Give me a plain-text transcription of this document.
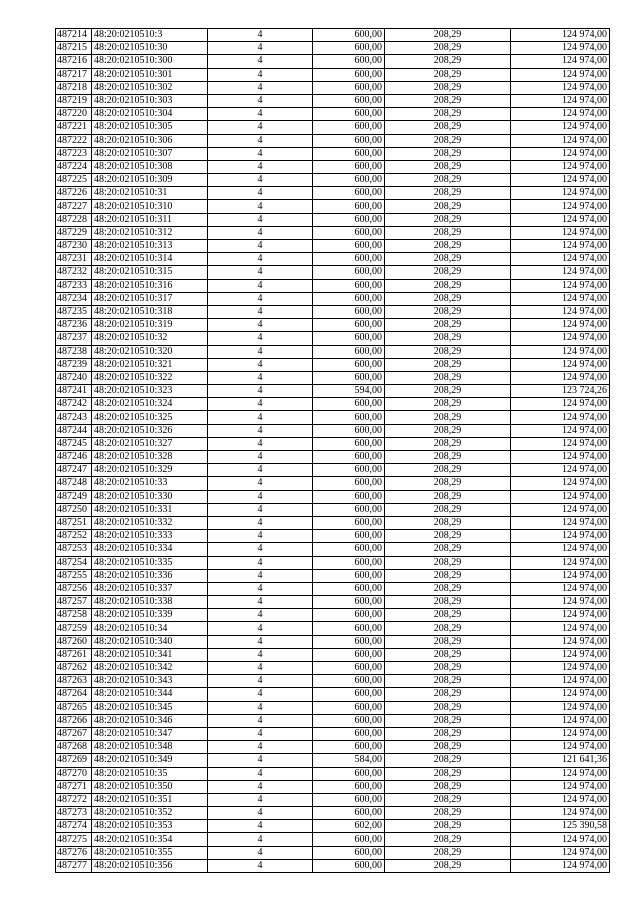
487214	48:20:0210510:3	4	600,00	208,29	124 974,00
487215	48:20:0210510:30	4	600,00	208,29	124 974,00
487216	48:20:0210510:300	4	600,00	208,29	124 974,00
487217	48:20:0210510:301	4	600,00	208,29	124 974,00
487218	48:20:0210510:302	4	600,00	208,29	124 974,00
487219	48:20:0210510:303	4	600,00	208,29	124 974,00
487220	48:20:0210510:304	4	600,00	208,29	124 974,00
487221	48:20:0210510:305	4	600,00	208,29	124 974,00
487222	48:20:0210510:306	4	600,00	208,29	124 974,00
487223	48:20:0210510:307	4	600,00	208,29	124 974,00
487224	48:20:0210510:308	4	600,00	208,29	124 974,00
487225	48:20:0210510:309	4	600,00	208,29	124 974,00
487226	48:20:0210510:31	4	600,00	208,29	124 974,00
487227	48:20:0210510:310	4	600,00	208,29	124 974,00
487228	48:20:0210510:311	4	600,00	208,29	124 974,00
487229	48:20:0210510:312	4	600,00	208,29	124 974,00
487230	48:20:0210510:313	4	600,00	208,29	124 974,00
487231	48:20:0210510:314	4	600,00	208,29	124 974,00
487232	48:20:0210510:315	4	600,00	208,29	124 974,00
487233	48:20:0210510:316	4	600,00	208,29	124 974,00
487234	48:20:0210510:317	4	600,00	208,29	124 974,00
487235	48:20:0210510:318	4	600,00	208,29	124 974,00
487236	48:20:0210510:319	4	600,00	208,29	124 974,00
487237	48:20:0210510:32	4	600,00	208,29	124 974,00
487238	48:20:0210510:320	4	600,00	208,29	124 974,00
487239	48:20:0210510:321	4	600,00	208,29	124 974,00
487240	48:20:0210510:322	4	600,00	208,29	124 974,00
487241	48:20:0210510:323	4	594,00	208,29	123 724,26
487242	48:20:0210510:324	4	600,00	208,29	124 974,00
487243	48:20:0210510:325	4	600,00	208,29	124 974,00
487244	48:20:0210510:326	4	600,00	208,29	124 974,00
487245	48:20:0210510:327	4	600,00	208,29	124 974,00
487246	48:20:0210510:328	4	600,00	208,29	124 974,00
487247	48:20:0210510:329	4	600,00	208,29	124 974,00
487248	48:20:0210510:33	4	600,00	208,29	124 974,00
487249	48:20:0210510:330	4	600,00	208,29	124 974,00
487250	48:20:0210510:331	4	600,00	208,29	124 974,00
487251	48:20:0210510:332	4	600,00	208,29	124 974,00
487252	48:20:0210510:333	4	600,00	208,29	124 974,00
487253	48:20:0210510:334	4	600,00	208,29	124 974,00
487254	48:20:0210510:335	4	600,00	208,29	124 974,00
487255	48:20:0210510:336	4	600,00	208,29	124 974,00
487256	48:20:0210510:337	4	600,00	208,29	124 974,00
487257	48:20:0210510:338	4	600,00	208,29	124 974,00
487258	48:20:0210510:339	4	600,00	208,29	124 974,00
487259	48:20:0210510:34	4	600,00	208,29	124 974,00
487260	48:20:0210510:340	4	600,00	208,29	124 974,00
487261	48:20:0210510:341	4	600,00	208,29	124 974,00
487262	48:20:0210510:342	4	600,00	208,29	124 974,00
487263	48:20:0210510:343	4	600,00	208,29	124 974,00
487264	48:20:0210510:344	4	600,00	208,29	124 974,00
487265	48:20:0210510:345	4	600,00	208,29	124 974,00
487266	48:20:0210510:346	4	600,00	208,29	124 974,00
487267	48:20:0210510:347	4	600,00	208,29	124 974,00
487268	48:20:0210510:348	4	600,00	208,29	124 974,00
487269	48:20:0210510:349	4	584,00	208,29	121 641,36
487270	48:20:0210510:35	4	600,00	208,29	124 974,00
487271	48:20:0210510:350	4	600,00	208,29	124 974,00
487272	48:20:0210510:351	4	600,00	208,29	124 974,00
487273	48:20:0210510:352	4	600,00	208,29	124 974,00
487274	48:20:0210510:353	4	602,00	208,29	125 390,58
487275	48:20:0210510:354	4	600,00	208,29	124 974,00
487276	48:20:0210510:355	4	600,00	208,29	124 974,00
487277	48:20:0210510:356	4	600,00	208,29	124 974,00
